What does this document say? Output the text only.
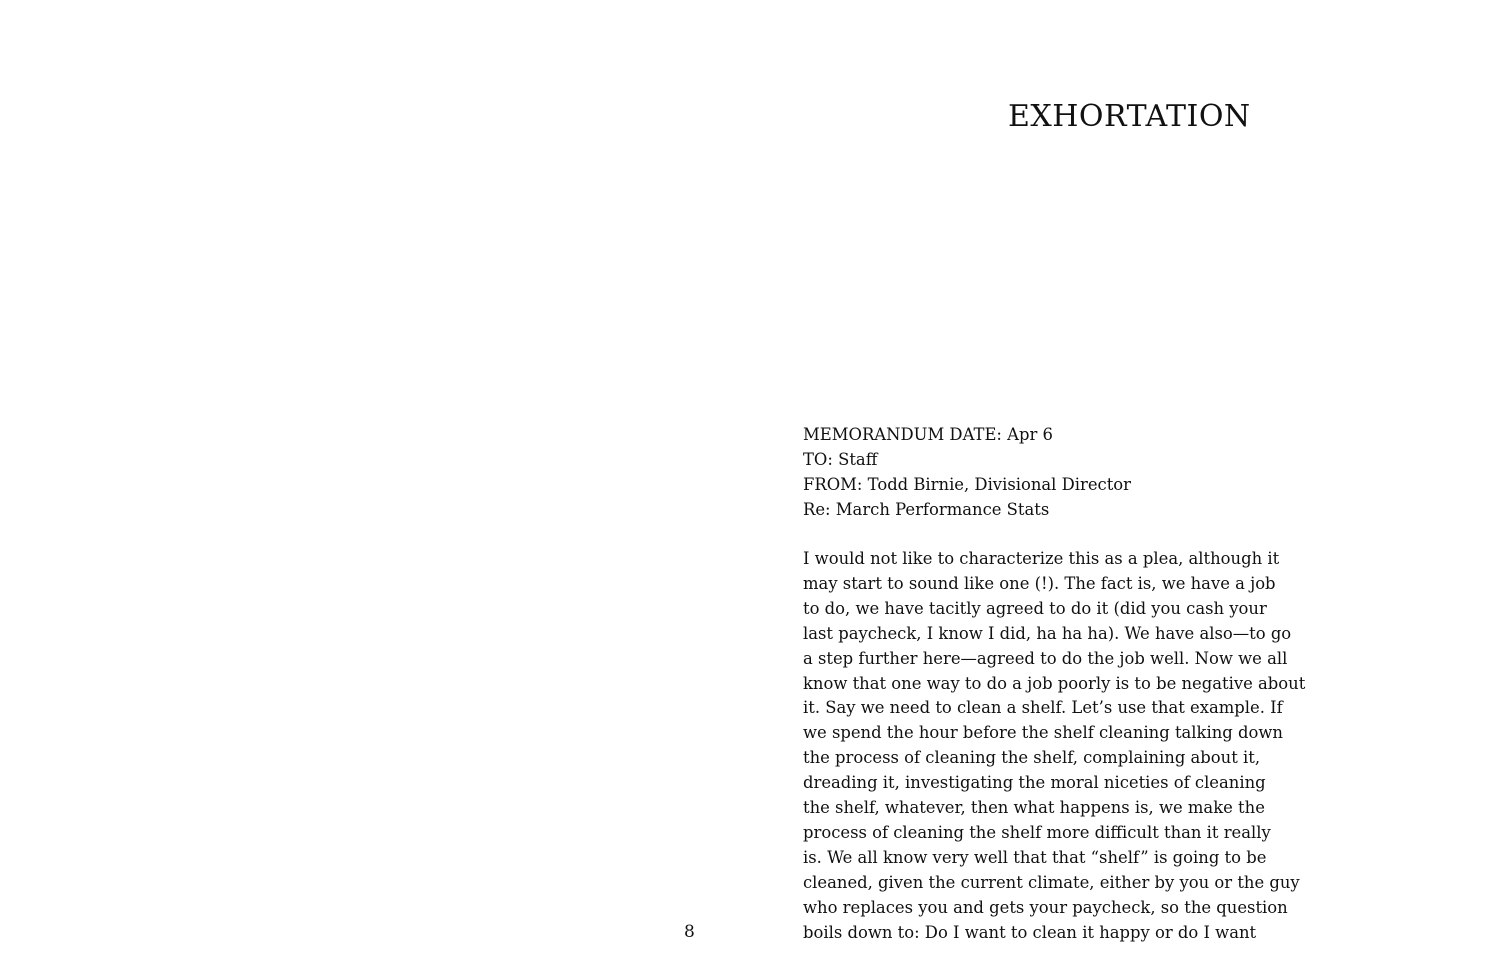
8
EXHORTATION
MEMORANDUM DATE: Apr 6
TO: Staff
FROM: Todd Birnie, Divisional Director
Re: March Performance Stats
I would not like to characterize this as a plea, although it
may start to sound like one (!). The fact is, we have a job
to do, we have tacitly agreed to do it (did you cash your
last paycheck, I know I did, ha ha ha). We have also—to go
a step further here—agreed to do the job well. Now we all
know that one way to do a job poorly is to be negative about
it. Say we need to clean a shelf. Let’s use that example. If
we spend the hour before the shelf cleaning talking down
the process of cleaning the shelf, complaining about it,
dreading it, investigating the moral niceties of cleaning
the shelf, whatever, then what happens is, we make the
process of cleaning the shelf more difficult than it really
is. We all know very well that that “shelf” is going to be
cleaned, given the current climate, either by you or the guy
who replaces you and gets your paycheck, so the question
boils down to: Do I want to clean it happy or do I want
